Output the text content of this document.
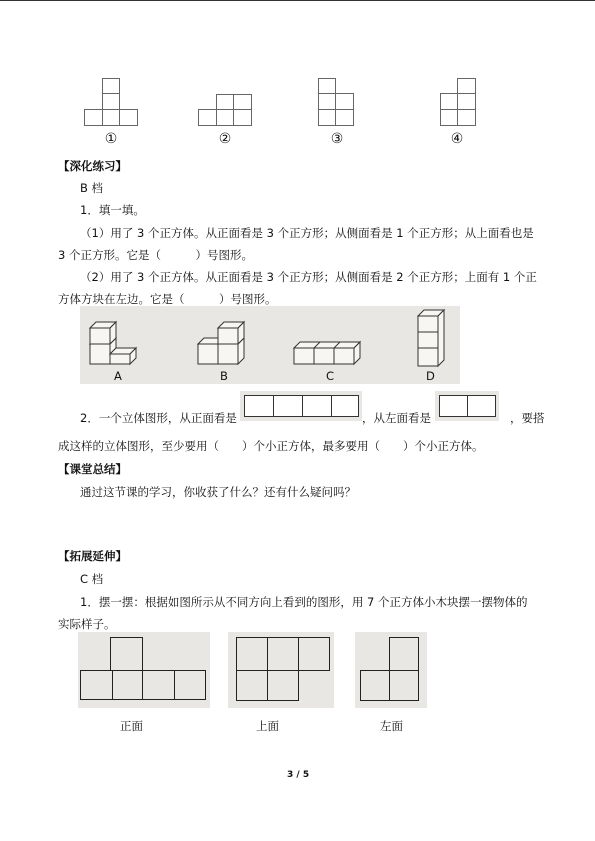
①	②	③	④
【深化练习】
B 档
1．填一填。
（1）用了 3 个正方体。从正面看是 3 个正方形；从侧面看是 1 个正方形；从上面看也是
3 个正方形。它是（　　　）号图形。
（2）用了 3 个正方体。从正面看是 3 个正方形；从侧面看是 2 个正方形；上面有 1 个正
方体方块在左边。它是（　　　）号图形。
A	B	C	D
2．一个立体图形，从正面看是	，从左面看是	，要搭
成这样的立体图形，至少要用（　　）个小正方体，最多要用（　　）个小正方体。
【课堂总结】
通过这节课的学习，你收获了什么？还有什么疑问吗？
【拓展延伸】
C 档
1．摆一摆：根据如图所示从不同方向上看到的图形，用 7 个正方体小木块摆一摆物体的
实际样子。
正面	上面	左面
3 / 5
